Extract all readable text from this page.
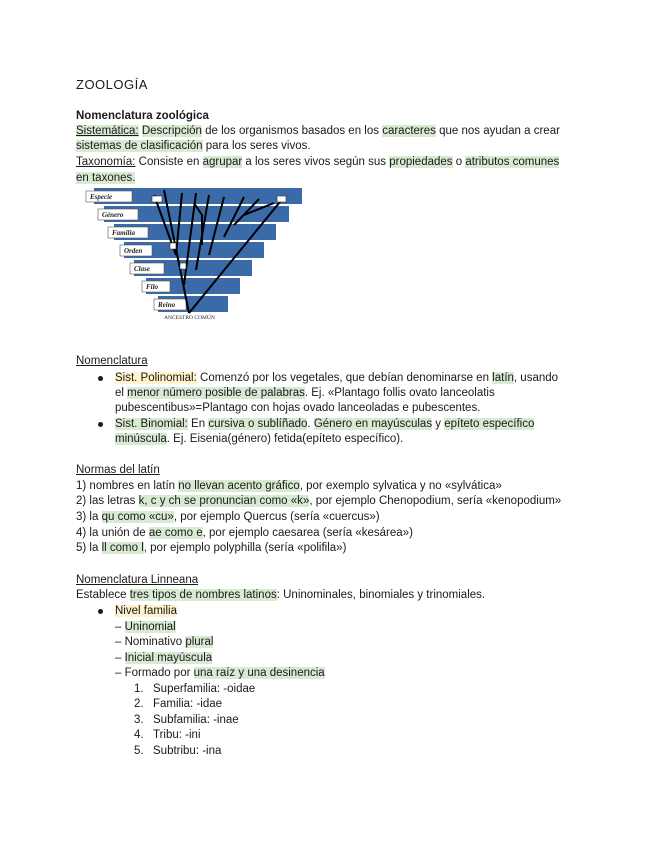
ZOOLOGÍA
Nomenclatura zoológica
Sistemática: Descripción de los organismos basados en los caracteres que nos ayudan a crear
sistemas de clasificación para los seres vivos.
Taxonomía: Consiste en agrupar a los seres vivos según sus propiedades o atributos comunes
en taxones.
Especie
Género
Familia
Orden
Clase
Filo
Reino
ANCESTRO COMÚN
Nomenclatura
Sist. Polinomial: Comenzó por los vegetales, que debían denominarse en latín, usando
el menor número posible de palabras. Ej. «Plantago follis ovato lanceolatis
pubescentibus»=Plantago con hojas ovado lanceoladas e pubescentes.
Sist. Binomial: En cursiva o sublíñado. Género en mayúsculas y epíteto específico
minúscula. Ej. Eisenia(género) fetida(epíteto específico).
Normas del latín
1) nombres en latín no llevan acento gráfico, por exemplo sylvatica y no «sylvática»
2) las letras k, c y ch se pronuncian como «k», por ejemplo Chenopodium, sería «kenopodium»
3) la qu como «cu», por ejemplo Quercus (sería «cuercus»)
4) la unión de ae como e, por ejemplo caesarea (sería «kesárea»)
5) la ll como l, por ejemplo polyphilla (sería «polifila»)
Nomenclatura Linneana
Establece tres tipos de nombres latinos: Uninominales, binomiales y trinomiales.
Nivel familia
– Uninomial
– Nominativo plural
– Inicial mayúscula
– Formado por una raíz y una desinencia
1. Superfamilia: -oidae
2. Familia: -idae
3. Subfamilia: -inae
4. Tribu: -ini
5. Subtribu: -ina
